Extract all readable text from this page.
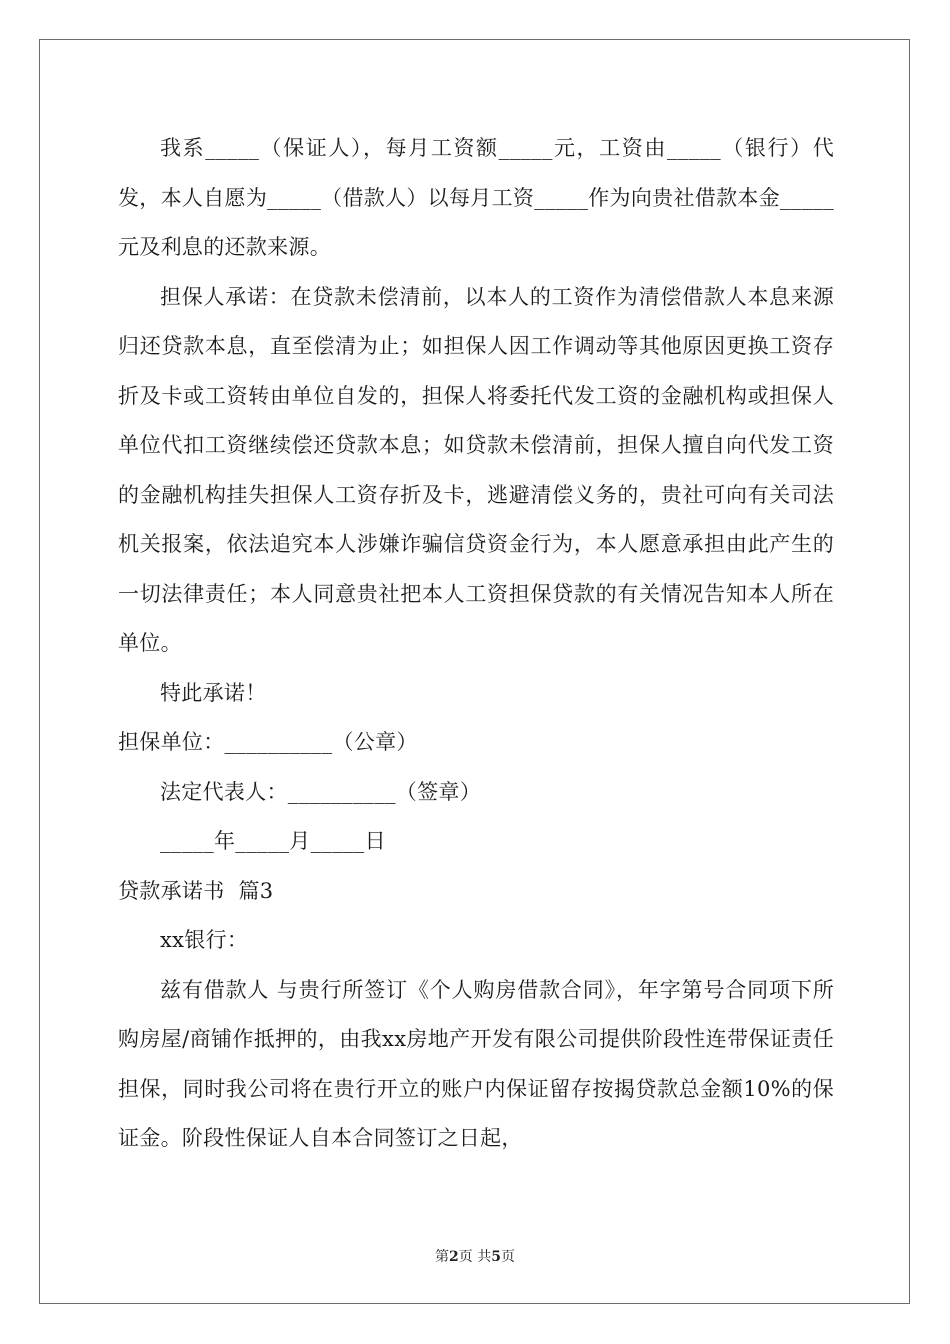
我系_____（保证人），每月工资额_____元，工资由_____（银行）代发，本人自愿为_____（借款人）以每月工资_____作为向贵社借款本金_____元及利息的还款来源。

担保人承诺：在贷款未偿清前，以本人的工资作为清偿借款人本息来源归还贷款本息，直至偿清为止；如担保人因工作调动等其他原因更换工资存折及卡或工资转由单位自发的，担保人将委托代发工资的金融机构或担保人单位代扣工资继续偿还贷款本息；如贷款未偿清前，担保人擅自向代发工资的金融机构挂失担保人工资存折及卡，逃避清偿义务的，贵社可向有关司法机关报案，依法追究本人涉嫌诈骗信贷资金行为，本人愿意承担由此产生的一切法律责任；本人同意贵社把本人工资担保贷款的有关情况告知本人所在单位。

特此承诺！

担保单位：__________（公章）

法定代表人：__________（签章）

_____年_____月_____日

贷款承诺书  篇3

xx银行：

兹有借款人 与贵行所签订《个人购房借款合同》，年字第号合同项下所购房屋/商铺作抵押的，由我xx房地产开发有限公司提供阶段性连带保证责任担保，同时我公司将在贵行开立的账户内保证留存按揭贷款总金额10%的保证金。阶段性保证人自本合同签订之日起，

第2页 共5页
